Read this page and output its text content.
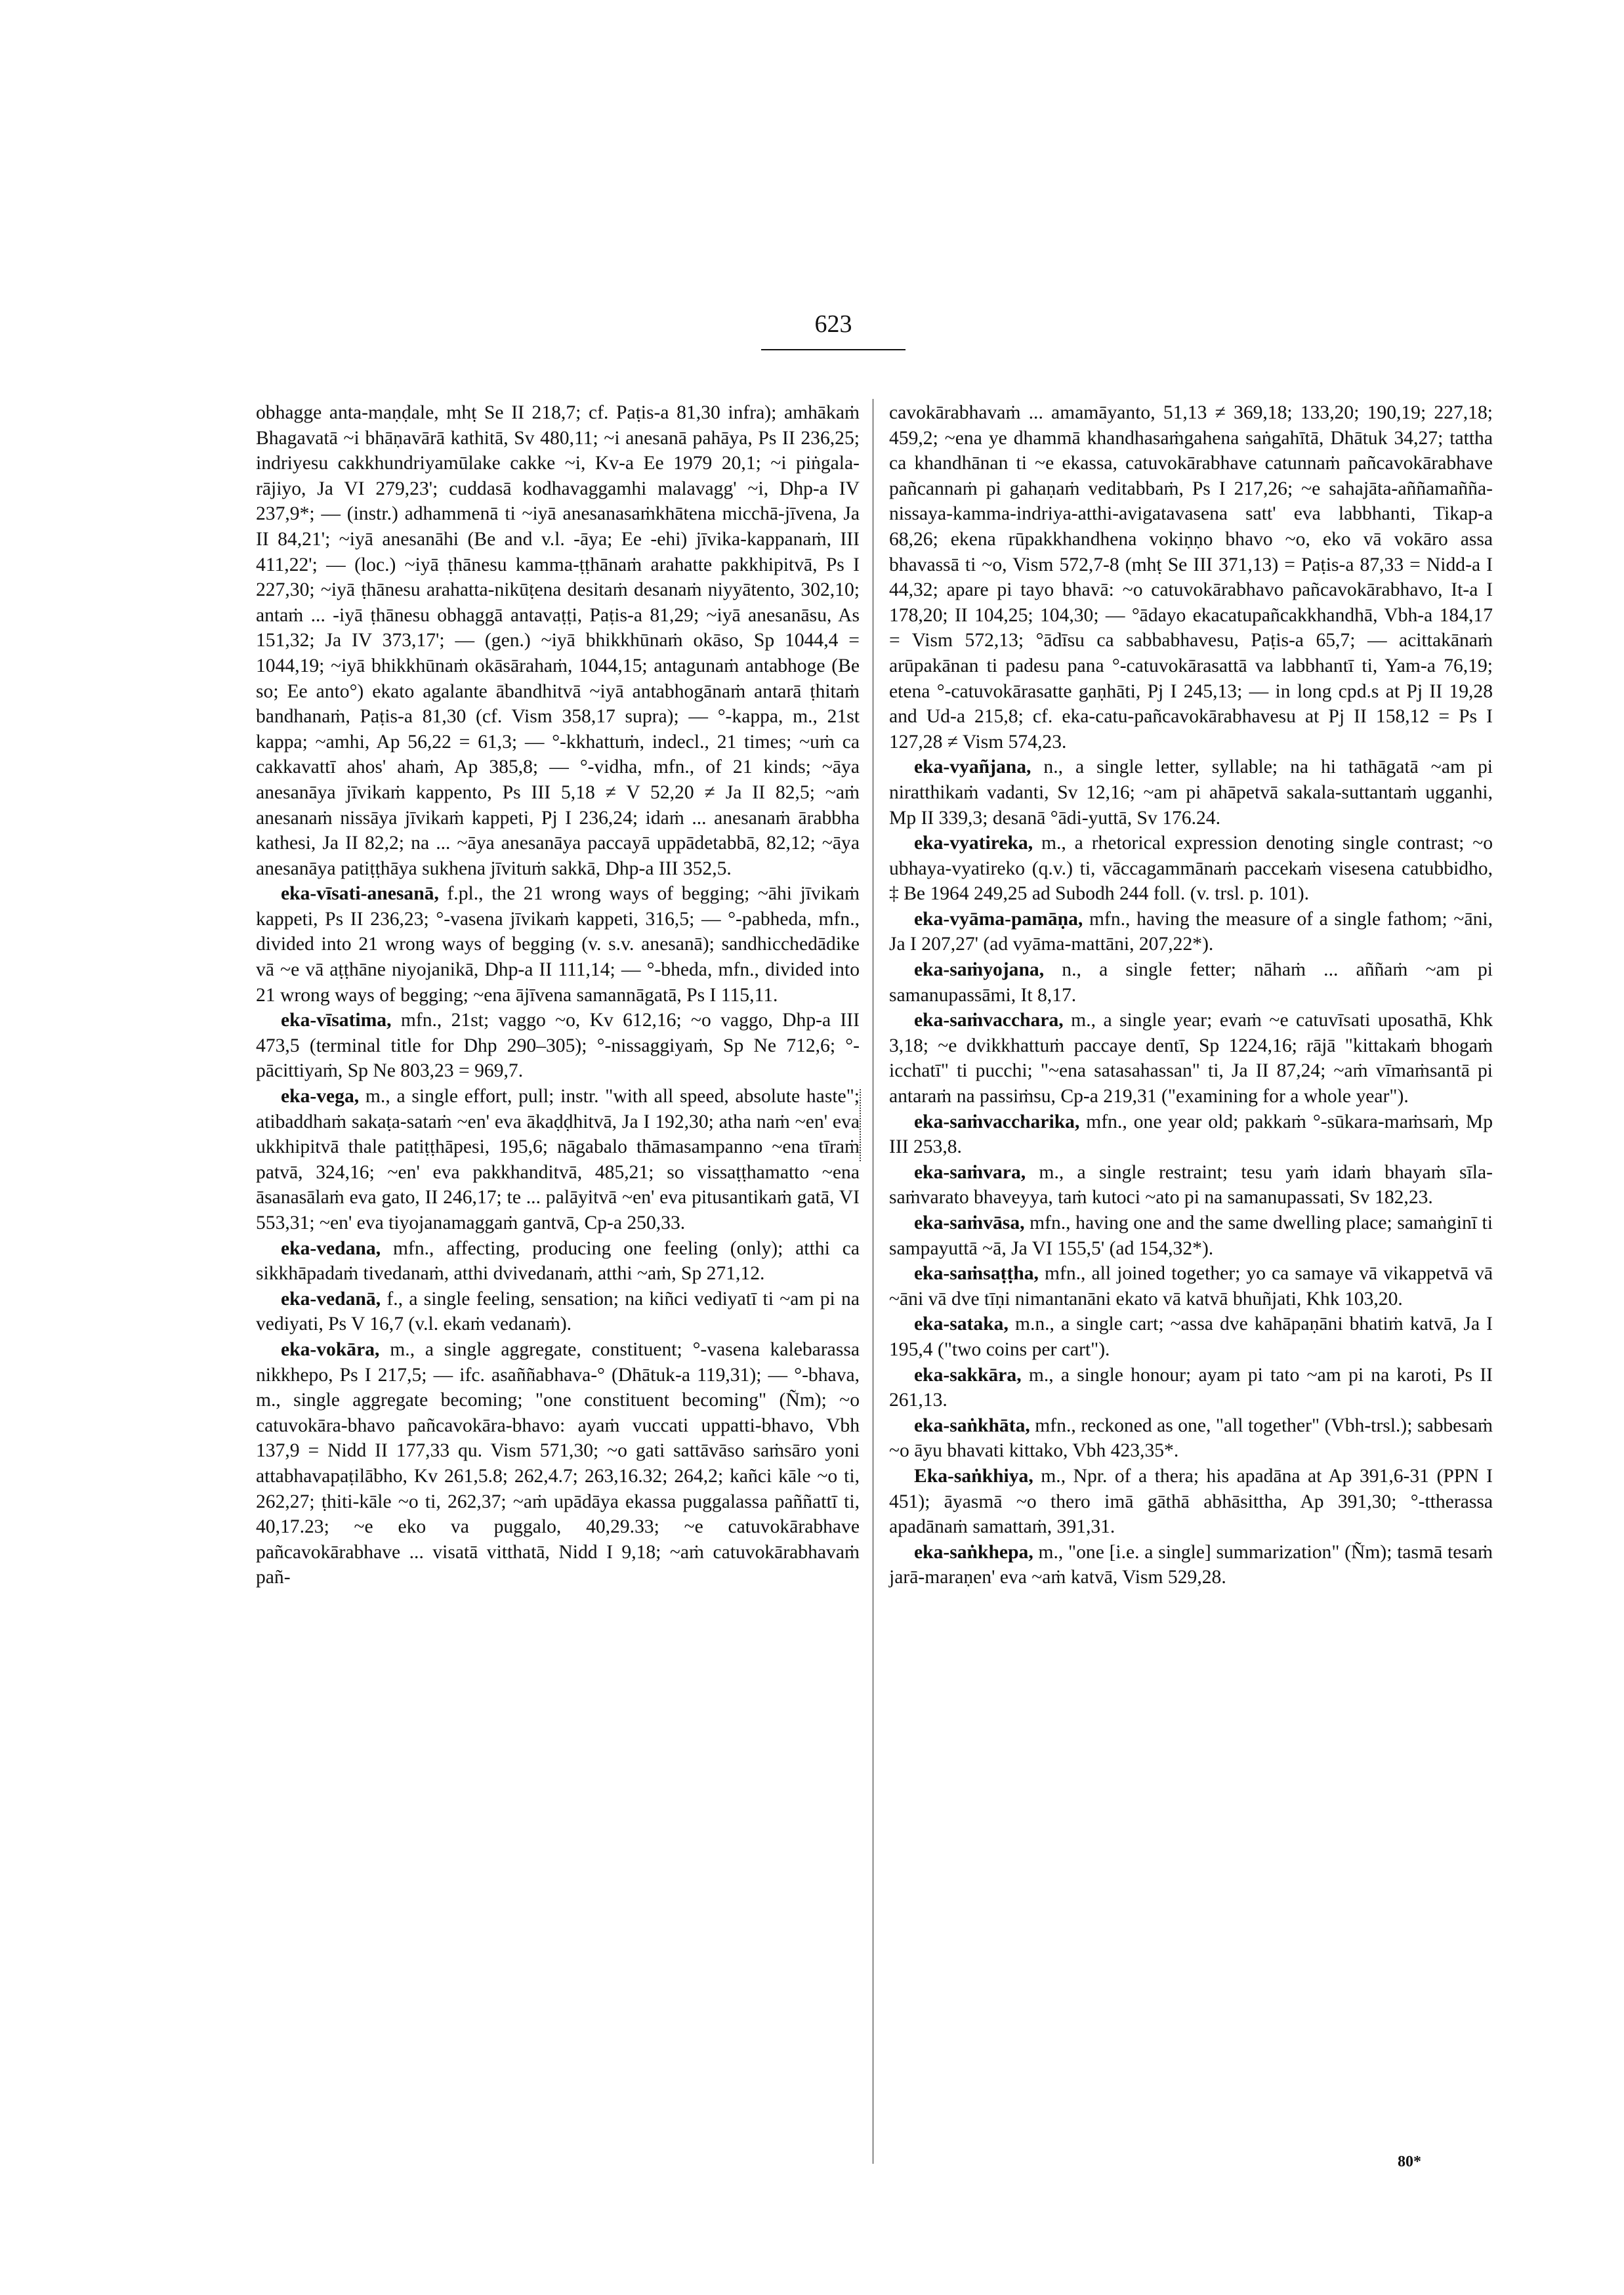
623

obhagge anta-maṇḍale, mhṭ Se II 218,7; cf. Paṭis-a 81,30 infra); amhākaṁ Bhagavatā ~i bhāṇavārā kathitā, Sv 480,11; ~i anesanā pahāya, Ps II 236,25; indriyesu cakkhundriyamūlake cakke ~i, Kv-a Ee 1979 20,1; ~i piṅgala-rājiyo, Ja VI 279,23'; cuddasā kodhavaggamhi malavagg' ~i, Dhp-a IV 237,9*; — (instr.) adhammenā ti ~iyā anesanasaṁkhātena micchā-jīvena, Ja II 84,21'; ~iyā anesanāhi (Be and v.l. -āya; Ee -ehi) jīvika-kappanaṁ, III 411,22'; — (loc.) ~iyā ṭhānesu kamma-ṭṭhānaṁ arahatte pakkhipitvā, Ps I 227,30; ~iyā ṭhānesu arahatta-nikūṭena desitaṁ desanaṁ niyyātento, 302,10; antaṁ ... -iyā ṭhānesu obhaggā antavaṭṭi, Paṭis-a 81,29; ~iyā anesanāsu, As 151,32; Ja IV 373,17'; — (gen.) ~iyā bhikkhūnaṁ okāso, Sp 1044,4 = 1044,19; ~iyā bhikkhūnaṁ okāsārahaṁ, 1044,15; antagunaṁ antabhoge (Be so; Ee anto°) ekato agalante ābandhitvā ~iyā antabhogānaṁ antarā ṭhitaṁ bandhanaṁ, Paṭis-a 81,30 (cf. Vism 358,17 supra); — °-kappa, m., 21st kappa; ~amhi, Ap 56,22 = 61,3; — °-kkhattuṁ, indecl., 21 times; ~uṁ ca cakkavattī ahos' ahaṁ, Ap 385,8; — °-vidha, mfn., of 21 kinds; ~āya anesanāya jīvikaṁ kappento, Ps III 5,18 ≠ V 52,20 ≠ Ja II 82,5; ~aṁ anesanaṁ nissāya jīvikaṁ kappeti, Pj I 236,24; idaṁ ... anesanaṁ ārabbha kathesi, Ja II 82,2; na ... ~āya anesanāya paccayā uppādetabbā, 82,12; ~āya anesanāya patiṭṭhāya sukhena jīvituṁ sakkā, Dhp-a III 352,5.

eka-vīsati-anesanā, f.pl., the 21 wrong ways of begging; ~āhi jīvikaṁ kappeti, Ps II 236,23; °-vasena jīvikaṁ kappeti, 316,5; — °-pabheda, mfn., divided into 21 wrong ways of begging (v. s.v. anesanā); sandhicchedādike vā ~e vā aṭṭhāne niyojanikā, Dhp-a II 111,14; — °-bheda, mfn., divided into 21 wrong ways of begging; ~ena ājīvena samannāgatā, Ps I 115,11.

eka-vīsatima, mfn., 21st; vaggo ~o, Kv 612,16; ~o vaggo, Dhp-a III 473,5 (terminal title for Dhp 290–305); °-nissaggiyaṁ, Sp Ne 712,6; °-pācittiyaṁ, Sp Ne 803,23 = 969,7.

eka-vega, m., a single effort, pull; instr. "with all speed, absolute haste"; atibaddhaṁ sakaṭa-sataṁ ~en' eva ākaḍḍhitvā, Ja I 192,30; atha naṁ ~en' eva ukkhipitvā thale patiṭṭhāpesi, 195,6; nāgabalo thāmasampanno ~ena tīraṁ patvā, 324,16; ~en' eva pakkhanditvā, 485,21; so vissaṭṭhamatto ~ena āsanasālaṁ eva gato, II 246,17; te ... palāyitvā ~en' eva pitusantikaṁ gatā, VI 553,31; ~en' eva tiyojanamaggaṁ gantvā, Cp-a 250,33.

eka-vedana, mfn., affecting, producing one feeling (only); atthi ca sikkhāpadaṁ tivedanaṁ, atthi dvivedanaṁ, atthi ~aṁ, Sp 271,12.

eka-vedanā, f., a single feeling, sensation; na kiñci vediyatī ti ~am pi na vediyati, Ps V 16,7 (v.l. ekaṁ vedanaṁ).

eka-vokāra, m., a single aggregate, constituent; °-vasena kalebarassa nikkhepo, Ps I 217,5; — ifc. asaññabhava-° (Dhātuk-a 119,31); — °-bhava, m., single aggregate becoming; "one constituent becoming" (Ñm); ~o catuvokāra-bhavo pañcavokāra-bhavo: ayaṁ vuccati uppatti-bhavo, Vbh 137,9 = Nidd II 177,33 qu. Vism 571,30; ~o gati sattāvāso saṁsāro yoni attabhavapaṭilābho, Kv 261,5.8; 262,4.7; 263,16.32; 264,2; kañci kāle ~o ti, 262,27; ṭhiti-kāle ~o ti, 262,37; ~aṁ upādāya ekassa puggalassa paññattī ti, 40,17.23; ~e eko va puggalo, 40,29.33; ~e catuvokārabhave pañcavokārabhave ... visatā vitthatā, Nidd I 9,18; ~aṁ catuvokārabhavaṁ pañ-

cavokārabhavaṁ ... amamāyanto, 51,13 ≠ 369,18; 133,20; 190,19; 227,18; 459,2; ~ena ye dhammā khandhasaṁgahena saṅgahītā, Dhātuk 34,27; tattha ca khandhānan ti ~e ekassa, catuvokārabhave catunnaṁ pañcavokārabhave pañcannaṁ pi gahaṇaṁ veditabbaṁ, Ps I 217,26; ~e sahajāta-aññamañña-nissaya-kamma-indriya-atthi-avigatavasena satt' eva labbhanti, Tikap-a 68,26; ekena rūpakkhandhena vokiṇṇo bhavo ~o, eko vā vokāro assa bhavassā ti ~o, Vism 572,7-8 (mhṭ Se III 371,13) = Paṭis-a 87,33 = Nidd-a I 44,32; apare pi tayo bhavā: ~o catuvokārabhavo pañcavokārabhavo, It-a I 178,20; II 104,25; 104,30; — °ādayo ekacatupañcakkhandhā, Vbh-a 184,17 = Vism 572,13; °ādīsu ca sabbabhavesu, Paṭis-a 65,7; — acittakānaṁ arūpakānan ti padesu pana °-catuvokārasattā va labbhantī ti, Yam-a 76,19; etena °-catuvokārasatte gaṇhāti, Pj I 245,13; — in long cpd.s at Pj II 19,28 and Ud-a 215,8; cf. eka-catu-pañcavokārabhavesu at Pj II 158,12 = Ps I 127,28 ≠ Vism 574,23.

eka-vyañjana, n., a single letter, syllable; na hi tathāgatā ~am pi niratthikaṁ vadanti, Sv 12,16; ~am pi ahāpetvā sakala-suttantaṁ ugganhi, Mp II 339,3; desanā °ādi-yuttā, Sv 176.24.

eka-vyatireka, m., a rhetorical expression denoting single contrast; ~o ubhaya-vyatireko (q.v.) ti, vāccagammānaṁ paccekaṁ visesena catubbidho, ‡ Be 1964 249,25 ad Subodh 244 foll. (v. trsl. p. 101).

eka-vyāma-pamāṇa, mfn., having the measure of a single fathom; ~āni, Ja I 207,27' (ad vyāma-mattāni, 207,22*).

eka-saṁyojana, n., a single fetter; nāhaṁ ... aññaṁ ~am pi samanupassāmi, It 8,17.

eka-saṁvacchara, m., a single year; evaṁ ~e catuvīsati uposathā, Khk 3,18; ~e dvikkhattuṁ paccaye dentī, Sp 1224,16; rājā "kittakaṁ bhogaṁ icchatī" ti pucchi; "~ena satasahassan" ti, Ja II 87,24; ~aṁ vīmaṁsantā pi antaraṁ na passiṁsu, Cp-a 219,31 ("examining for a whole year").

eka-saṁvaccharika, mfn., one year old; pakkaṁ °-sūkara-maṁsaṁ, Mp III 253,8.

eka-saṁvara, m., a single restraint; tesu yaṁ idaṁ bhayaṁ sīla-saṁvarato bhaveyya, taṁ kutoci ~ato pi na samanupassati, Sv 182,23.

eka-saṁvāsa, mfn., having one and the same dwelling place; samaṅginī ti sampayuttā ~ā, Ja VI 155,5' (ad 154,32*).

eka-saṁsaṭṭha, mfn., all joined together; yo ca samaye vā vikappetvā vā ~āni vā dve tīṇi nimantanāni ekato vā katvā bhuñjati, Khk 103,20.

eka-sataka, m.n., a single cart; ~assa dve kahāpaṇāni bhatiṁ katvā, Ja I 195,4 ("two coins per cart").

eka-sakkāra, m., a single honour; ayam pi tato ~am pi na karoti, Ps II 261,13.

eka-saṅkhāta, mfn., reckoned as one, "all together" (Vbh-trsl.); sabbesaṁ ~o āyu bhavati kittako, Vbh 423,35*.

Eka-saṅkhiya, m., Npr. of a thera; his apadāna at Ap 391,6-31 (PPN I 451); āyasmā ~o thero imā gāthā abhāsittha, Ap 391,30; °-ttherassa apadānaṁ samattaṁ, 391,31.

eka-saṅkhepa, m., "one [i.e. a single] summarization" (Ñm); tasmā tesaṁ jarā-maraṇen' eva ~aṁ katvā, Vism 529,28.

80*
